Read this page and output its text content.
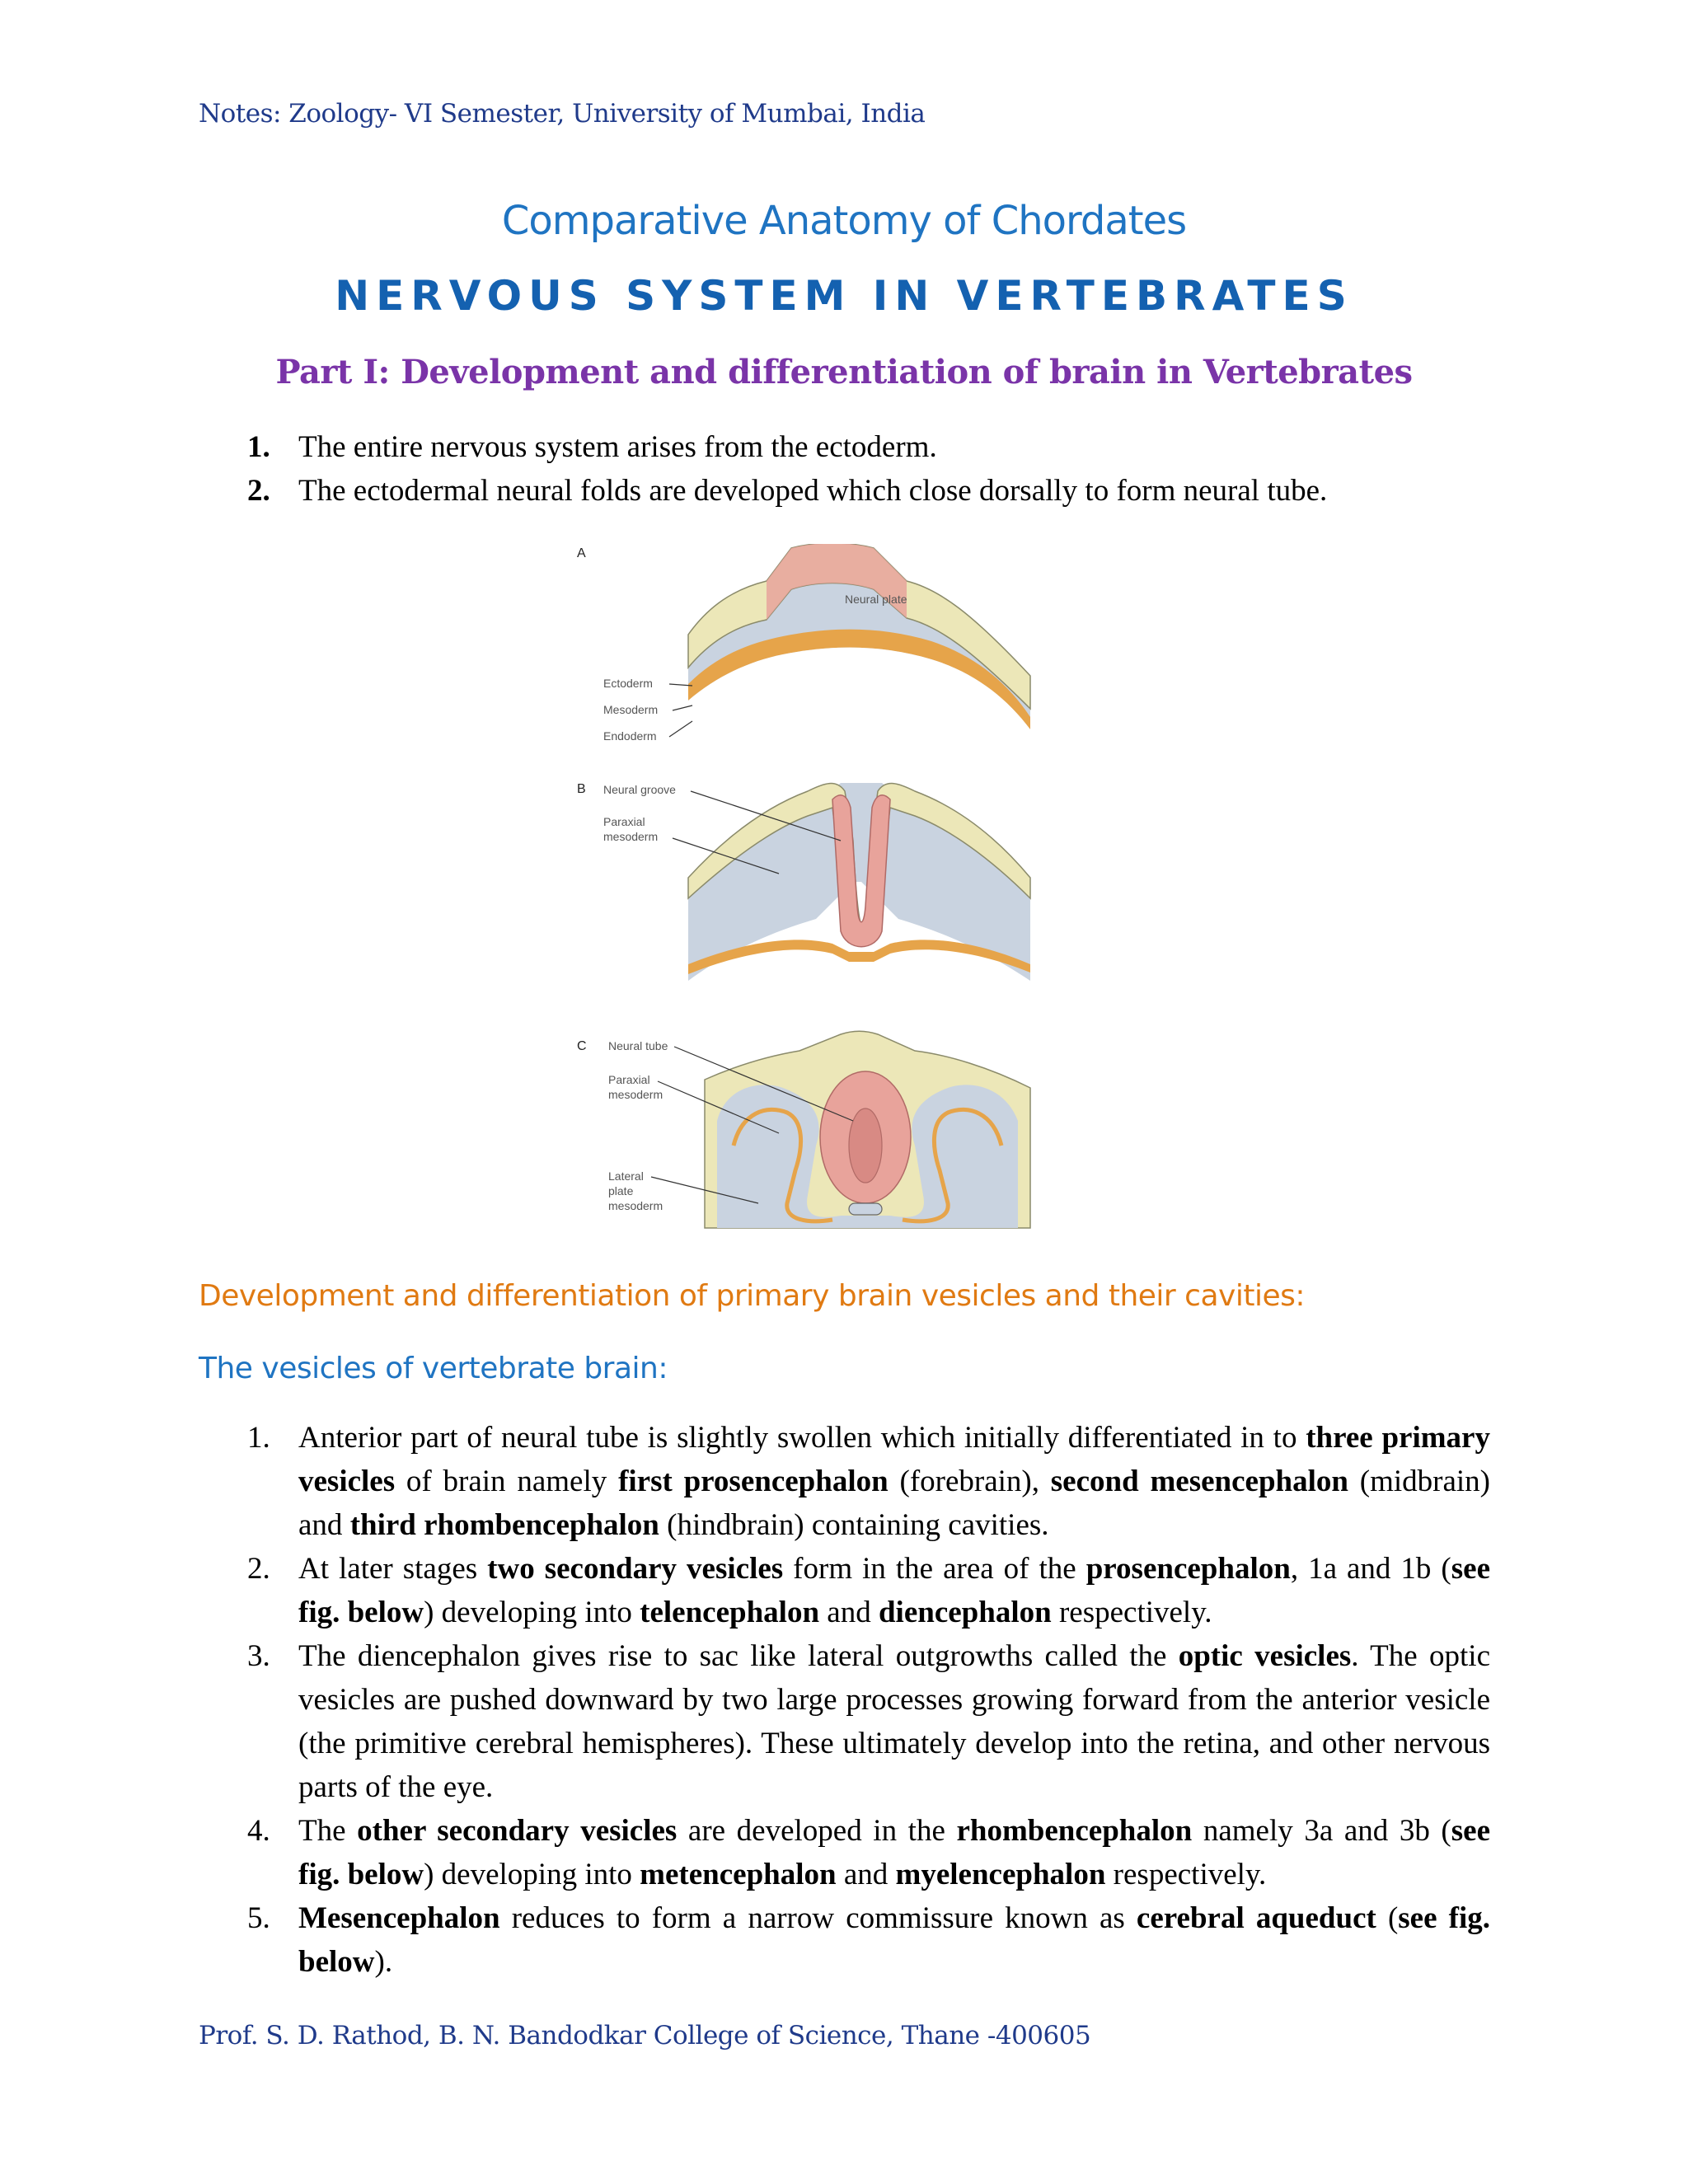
Notes: Zoology- VI Semester, University of Mumbai, India
Comparative Anatomy of Chordates
NERVOUS SYSTEM IN VERTEBRATES
Part I: Development and differentiation of brain in Vertebrates
1. The entire nervous system arises from the ectoderm.
2. The ectodermal neural folds are developed which close dorsally to form neural tube.
A
Neural plate
Ectoderm
Mesoderm
Endoderm
B Neural groove
Paraxial
mesoderm
C Neural tube
Paraxial
mesoderm
Lateral
plate
mesoderm
Development and differentiation of primary brain vesicles and their cavities:
The vesicles of vertebrate brain:
1. Anterior part of neural tube is slightly swollen which initially differentiated in to three primary vesicles of brain namely first prosencephalon (forebrain), second mesencephalon (midbrain) and third rhombencephalon (hindbrain) containing cavities.
2. At later stages two secondary vesicles form in the area of the prosencephalon, 1a and 1b (see fig. below) developing into telencephalon and diencephalon respectively.
3. The diencephalon gives rise to sac like lateral outgrowths called the optic vesicles. The optic vesicles are pushed downward by two large processes growing forward from the anterior vesicle (the primitive cerebral hemispheres). These ultimately develop into the retina, and other nervous parts of the eye.
4. The other secondary vesicles are developed in the rhombencephalon namely 3a and 3b (see fig. below) developing into metencephalon and myelencephalon respectively.
5. Mesencephalon reduces to form a narrow commissure known as cerebral aqueduct (see fig. below).
Prof. S. D. Rathod, B. N. Bandodkar College of Science, Thane -400605
